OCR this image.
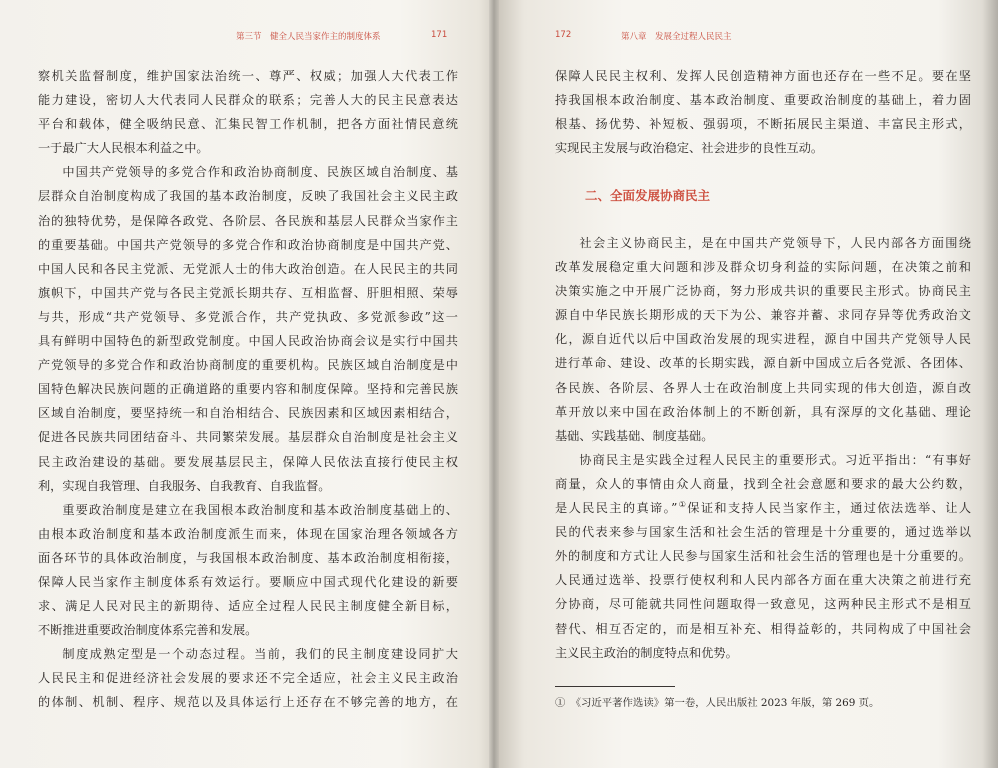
第三节　健全人民当家作主的制度体系	171
察机关监督制度，维护国家法治统一、尊严、权威；加强人大代表工作
能力建设，密切人大代表同人民群众的联系；完善人大的民主民意表达
平台和载体，健全吸纳民意、汇集民智工作机制，把各方面社情民意统
一于最广大人民根本利益之中。
中国共产党领导的多党合作和政治协商制度、民族区域自治制度、基
层群众自治制度构成了我国的基本政治制度，反映了我国社会主义民主政
治的独特优势，是保障各政党、各阶层、各民族和基层人民群众当家作主
的重要基础。中国共产党领导的多党合作和政治协商制度是中国共产党、
中国人民和各民主党派、无党派人士的伟大政治创造。在人民民主的共同
旗帜下，中国共产党与各民主党派长期共存、互相监督、肝胆相照、荣辱
与共，形成“共产党领导、多党派合作，共产党执政、多党派参政”这一
具有鲜明中国特色的新型政党制度。中国人民政治协商会议是实行中国共
产党领导的多党合作和政治协商制度的重要机构。民族区域自治制度是中
国特色解决民族问题的正确道路的重要内容和制度保障。坚持和完善民族
区域自治制度，要坚持统一和自治相结合、民族因素和区域因素相结合，
促进各民族共同团结奋斗、共同繁荣发展。基层群众自治制度是社会主义
民主政治建设的基础。要发展基层民主，保障人民依法直接行使民主权
利，实现自我管理、自我服务、自我教育、自我监督。
重要政治制度是建立在我国根本政治制度和基本政治制度基础上的、
由根本政治制度和基本政治制度派生而来，体现在国家治理各领域各方
面各环节的具体政治制度，与我国根本政治制度、基本政治制度相衔接，
保障人民当家作主制度体系有效运行。要顺应中国式现代化建设的新要
求、满足人民对民主的新期待、适应全过程人民民主制度健全新目标，
不断推进重要政治制度体系完善和发展。
制度成熟定型是一个动态过程。当前，我们的民主制度建设同扩大
人民民主和促进经济社会发展的要求还不完全适应，社会主义民主政治
的体制、机制、程序、规范以及具体运行上还存在不够完善的地方，在
172	第八章　发展全过程人民民主
保障人民民主权利、发挥人民创造精神方面也还存在一些不足。要在坚
持我国根本政治制度、基本政治制度、重要政治制度的基础上，着力固
根基、扬优势、补短板、强弱项，不断拓展民主渠道、丰富民主形式，
实现民主发展与政治稳定、社会进步的良性互动。
二、全面发展协商民主
社会主义协商民主，是在中国共产党领导下，人民内部各方面围绕
改革发展稳定重大问题和涉及群众切身利益的实际问题，在决策之前和
决策实施之中开展广泛协商，努力形成共识的重要民主形式。协商民主
源自中华民族长期形成的天下为公、兼容并蓄、求同存异等优秀政治文
化，源自近代以后中国政治发展的现实进程，源自中国共产党领导人民
进行革命、建设、改革的长期实践，源自新中国成立后各党派、各团体、
各民族、各阶层、各界人士在政治制度上共同实现的伟大创造，源自改
革开放以来中国在政治体制上的不断创新，具有深厚的文化基础、理论
基础、实践基础、制度基础。
协商民主是实践全过程人民民主的重要形式。习近平指出：“有事好
商量，众人的事情由众人商量，找到全社会意愿和要求的最大公约数，
是人民民主的真谛。”①保证和支持人民当家作主，通过依法选举、让人
民的代表来参与国家生活和社会生活的管理是十分重要的，通过选举以
外的制度和方式让人民参与国家生活和社会生活的管理也是十分重要的。
人民通过选举、投票行使权利和人民内部各方面在重大决策之前进行充
分协商，尽可能就共同性问题取得一致意见，这两种民主形式不是相互
替代、相互否定的，而是相互补充、相得益彰的，共同构成了中国社会
主义民主政治的制度特点和优势。
①　《习近平著作选读》第一卷，人民出版社 2023 年版，第 269 页。
